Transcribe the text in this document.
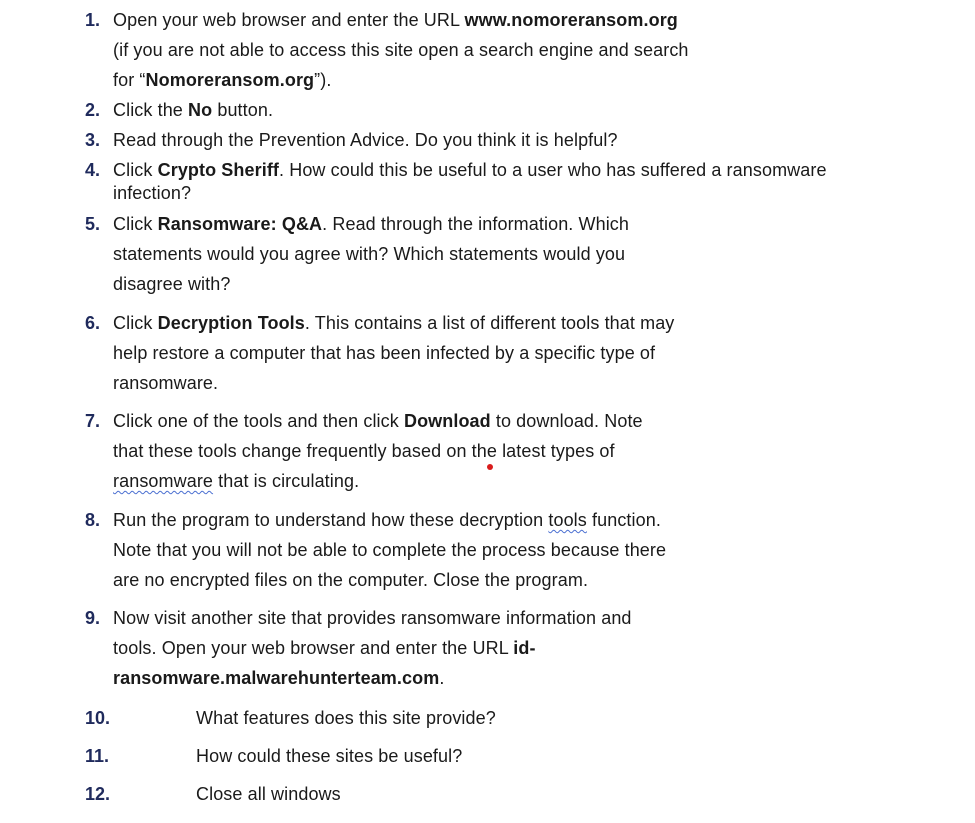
1. Open your web browser and enter the URL www.nomoreransom.org
(if you are not able to access this site open a search engine and search
for “Nomoreransom.org”).
2. Click the No button.
3. Read through the Prevention Advice. Do you think it is helpful?
4. Click Crypto Sheriff. How could this be useful to a user who has suffered a ransomware
infection?
5. Click Ransomware: Q&A. Read through the information. Which
statements would you agree with? Which statements would you
disagree with?
6. Click Decryption Tools. This contains a list of different tools that may
help restore a computer that has been infected by a specific type of
ransomware.
7. Click one of the tools and then click Download to download. Note
that these tools change frequently based on the latest types of
ransomware that is circulating.
8. Run the program to understand how these decryption tools function.
Note that you will not be able to complete the process because there
are no encrypted files on the computer. Close the program.
9. Now visit another site that provides ransomware information and
tools. Open your web browser and enter the URL id-
ransomware.malwarehunterteam.com.
10.	What features does this site provide?
11.	How could these sites be useful?
12.	Close all windows
